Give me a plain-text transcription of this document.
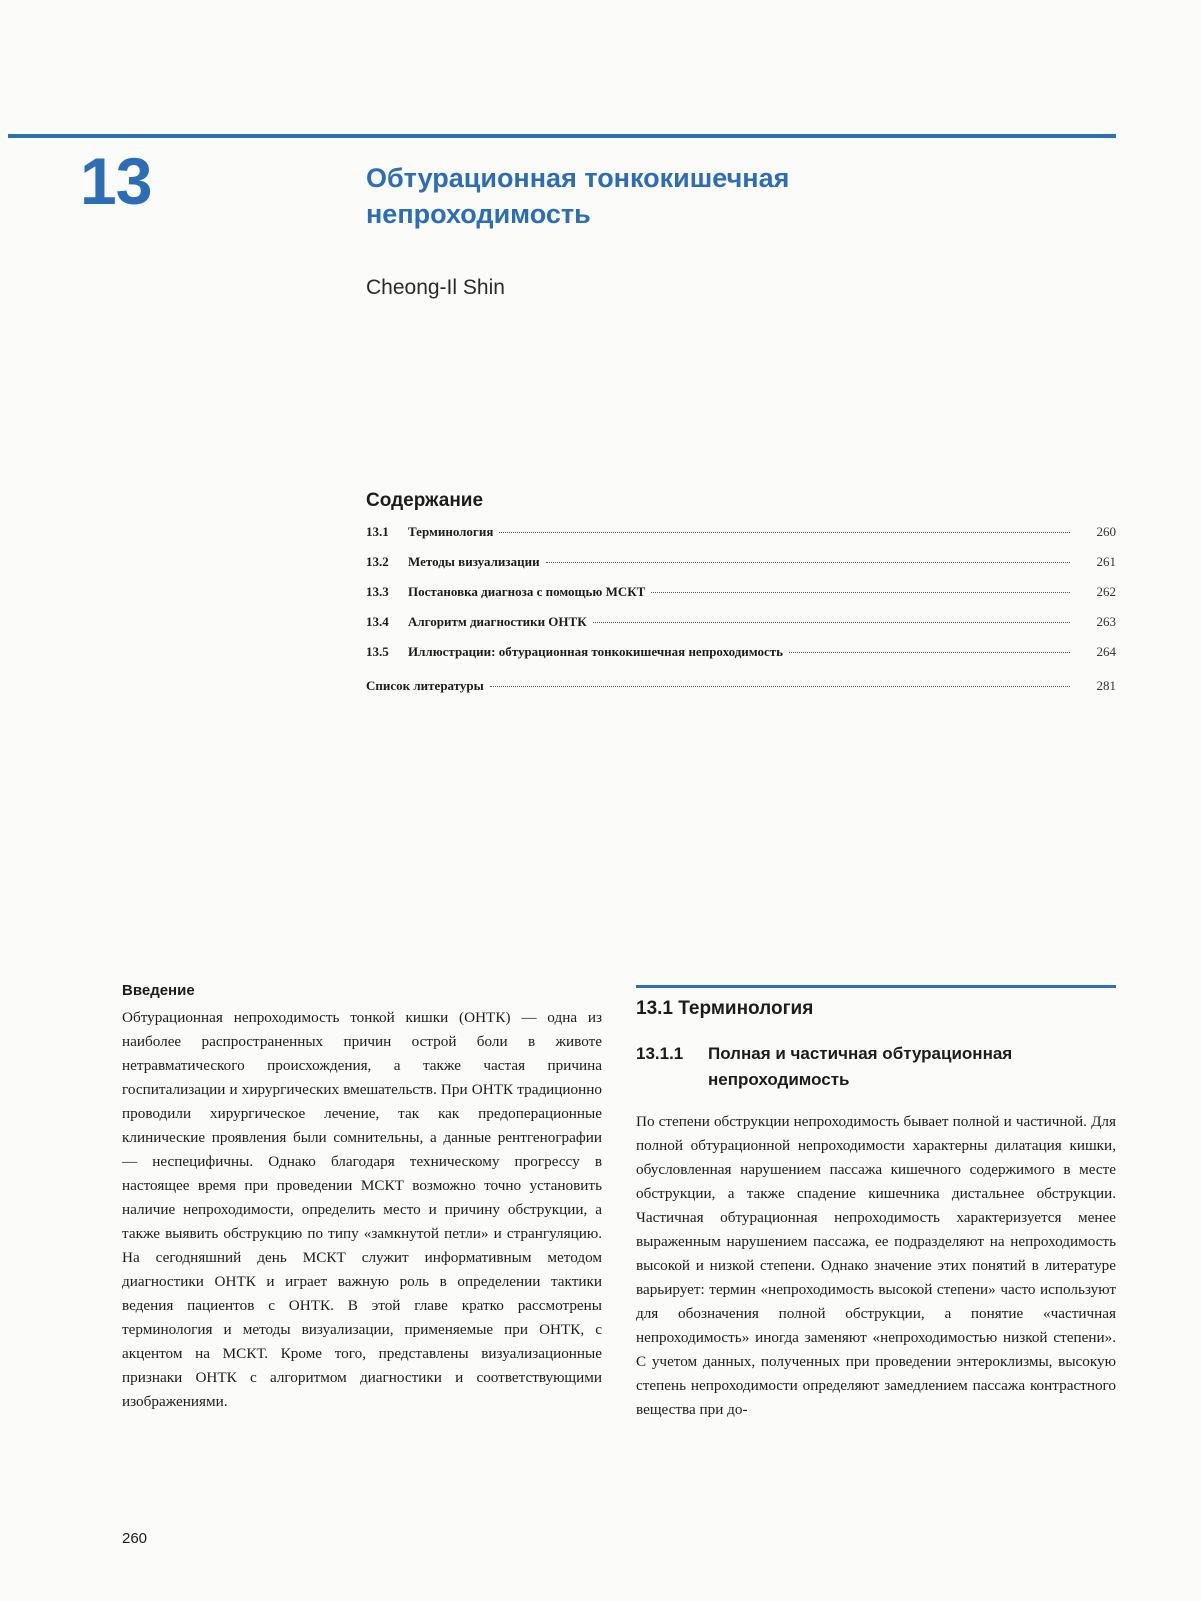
13	Обтурационная тонкокишечная
непроходимость
Cheong-Il Shin
Содержание
13.1	Терминология	260
13.2	Методы визуализации	261
13.3	Постановка диагноза с помощью МСКТ	262
13.4	Алгоритм диагностики ОНТК	263
13.5	Иллюстрации: обтурационная тонкокишечная непроходимость	264
Список литературы	281
Введение
Обтурационная непроходимость тонкой кишки (ОНТК) — одна из наиболее распространенных причин острой боли в животе нетравматического происхождения, а также частая причина госпитализации и хирургических вмешательств. При ОНТК традиционно проводили хирургическое лечение, так как предоперационные клинические проявления были сомнительны, а данные рентгенографии — неспецифичны. Однако благодаря техническому прогрессу в настоящее время при проведении МСКТ возможно точно установить наличие непроходимости, определить место и причину обструкции, а также выявить обструкцию по типу «замкнутой петли» и странгуляцию. На сегодняшний день МСКТ служит информативным методом диагностики ОНТК и играет важную роль в определении тактики ведения пациентов с ОНТК. В этой главе кратко рассмотрены терминология и методы визуализации, применяемые при ОНТК, с акцентом на МСКТ. Кроме того, представлены визуализационные признаки ОНТК с алгоритмом диагностики и соответствующими изображениями.
13.1 Терминология
13.1.1	Полная и частичная обтурационная непроходимость
По степени обструкции непроходимость бывает полной и частичной. Для полной обтурационной непроходимости характерны дилатация кишки, обусловленная нарушением пассажа кишечного содержимого в месте обструкции, а также спадение кишечника дистальнее обструкции. Частичная обтурационная непроходимость характеризуется менее выраженным нарушением пассажа, ее подразделяют на непроходимость высокой и низкой степени. Однако значение этих понятий в литературе варьирует: термин «непроходимость высокой степени» часто используют для обозначения полной обструкции, а понятие «частичная непроходимость» иногда заменяют «непроходимостью низкой степени». С учетом данных, полученных при проведении энтероклизмы, высокую степень непроходимости определяют замедлением пассажа контрастного вещества при до-
260
